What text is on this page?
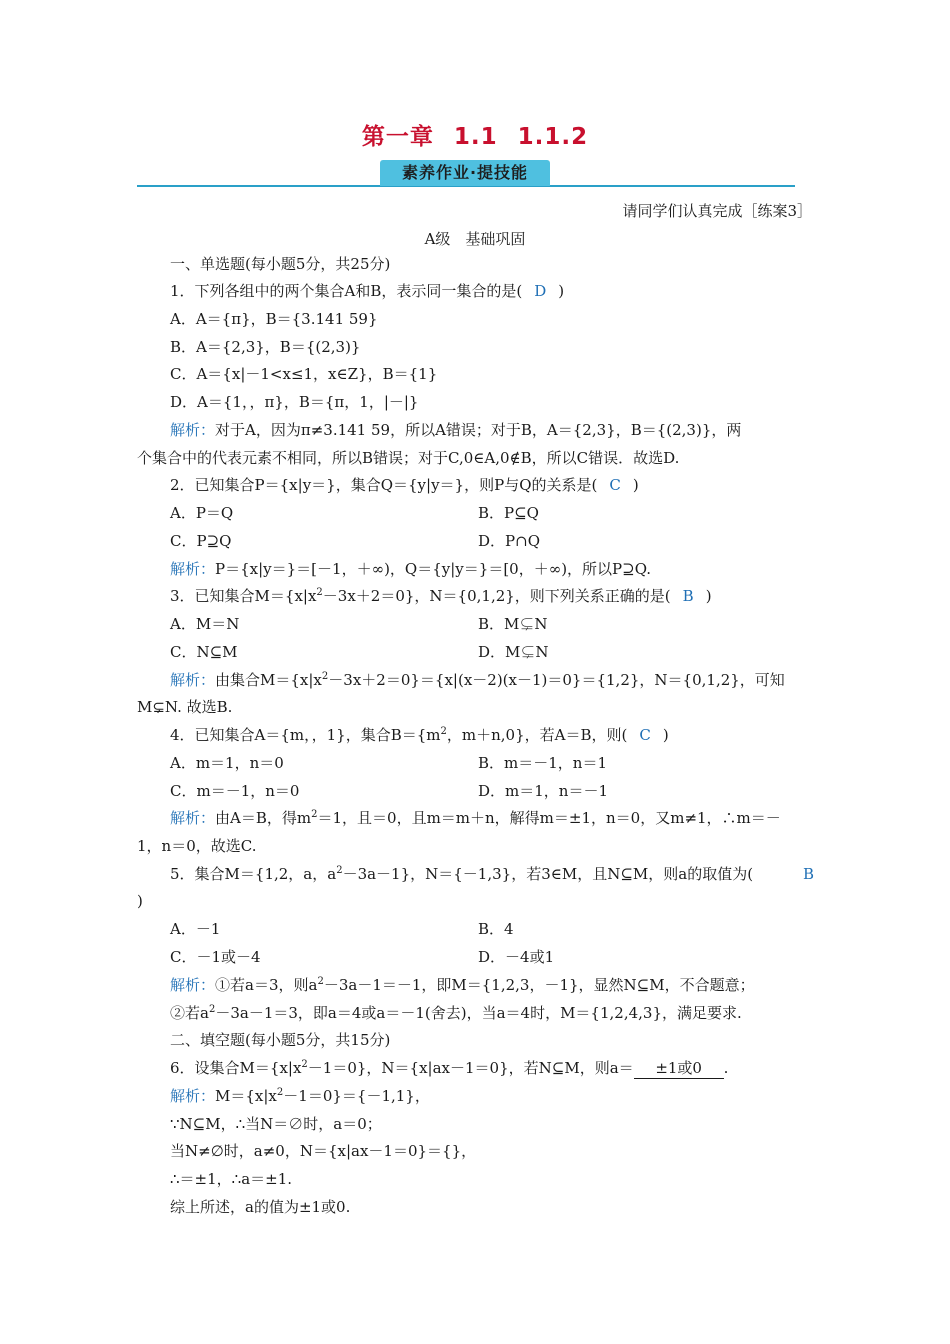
第一章 1.1 1.1.2
素养作业·提技能
请同学们认真完成［练案3］
A级　基础巩固
一、单选题(每小题5分，共25分)
1．下列各组中的两个集合A和B，表示同一集合的是( D )
A．A＝{π}，B＝{3.141 59}
B．A＝{2,3}，B＝{(2,3)}
C．A＝{x|－1<x≤1，x∈Z}，B＝{1}
D．A＝{1，，π}，B＝{π，1，|－|}
解析：对于A，因为π≠3.141 59，所以A错误；对于B，A＝{2,3}，B＝{(2,3)}，两
个集合中的代表元素不相同，所以B错误；对于C,0∈A,0∉B，所以C错误．故选D.
2．已知集合P＝{x|y＝}，集合Q＝{y|y＝}，则P与Q的关系是( C )
A．P＝Q	B．P⊆Q
C．P⊇Q	D．P∩Q
解析：P＝{x|y＝}＝[－1，＋∞)，Q＝{y|y＝}＝[0，＋∞)，所以P⊇Q.
3．已知集合$M=\{x|x^2-3x+2=0\}$，N＝{0,1,2}，则下列关系正确的是( B )
A．M＝N	B．M⊊N
C．N⊆M	D．M⊊N
解析：由集合$M=\{x|x^2-3x+2=0\}=\{x|(x-2)(x-1)=0\}=\{1,2\}$，N＝{0,1,2}，可知
M⊊N. 故选B.
4．已知集合A＝{m，，1}，集合$B=\{m^2$，m＋n,0}，若A＝B，则( C )
A．m＝1，n＝0	B．m＝－1，n＝1
C．m＝－1，n＝0	D．m＝1，n＝－1
解析：由A＝B，得$m^2=1$，且＝0，且m＝m＋n，解得m＝±1，n＝0，又m≠1，∴m＝－
1，n＝0，故选C.
5．集合M＝{1,2，a，$a^2-3a-1$}，N＝{－1,3}，若3∈M，且N⊆M，则a的取值为(	B
)
A．－1	B．4
C．－1或－4	D．－4或1
解析：①若a＝3，则$a^2-3a-1=-1$，即M＝{1,2,3，－1}，显然N⊆M，不合题意；
②若$a^2-3a-1=3$，即a＝4或a＝－1(舍去)，当a＝4时，M＝{1,2,4,3}，满足要求.
二、填空题(每小题5分，共15分)
6．设集合$M=\{x|x^2-1=0\}$，N＝{x|ax－1＝0}，若N⊆M，则a＝ ±1或0 .
解析：$M=\{x|x^2-1=0\}=\{-1,1\}$，
∵N⊆M，∴当N＝∅时，a＝0；
当N≠∅时，a≠0，N＝{x|ax－1＝0}＝{}，
∴＝±1，∴a＝±1.
综上所述，a的值为±1或0.
